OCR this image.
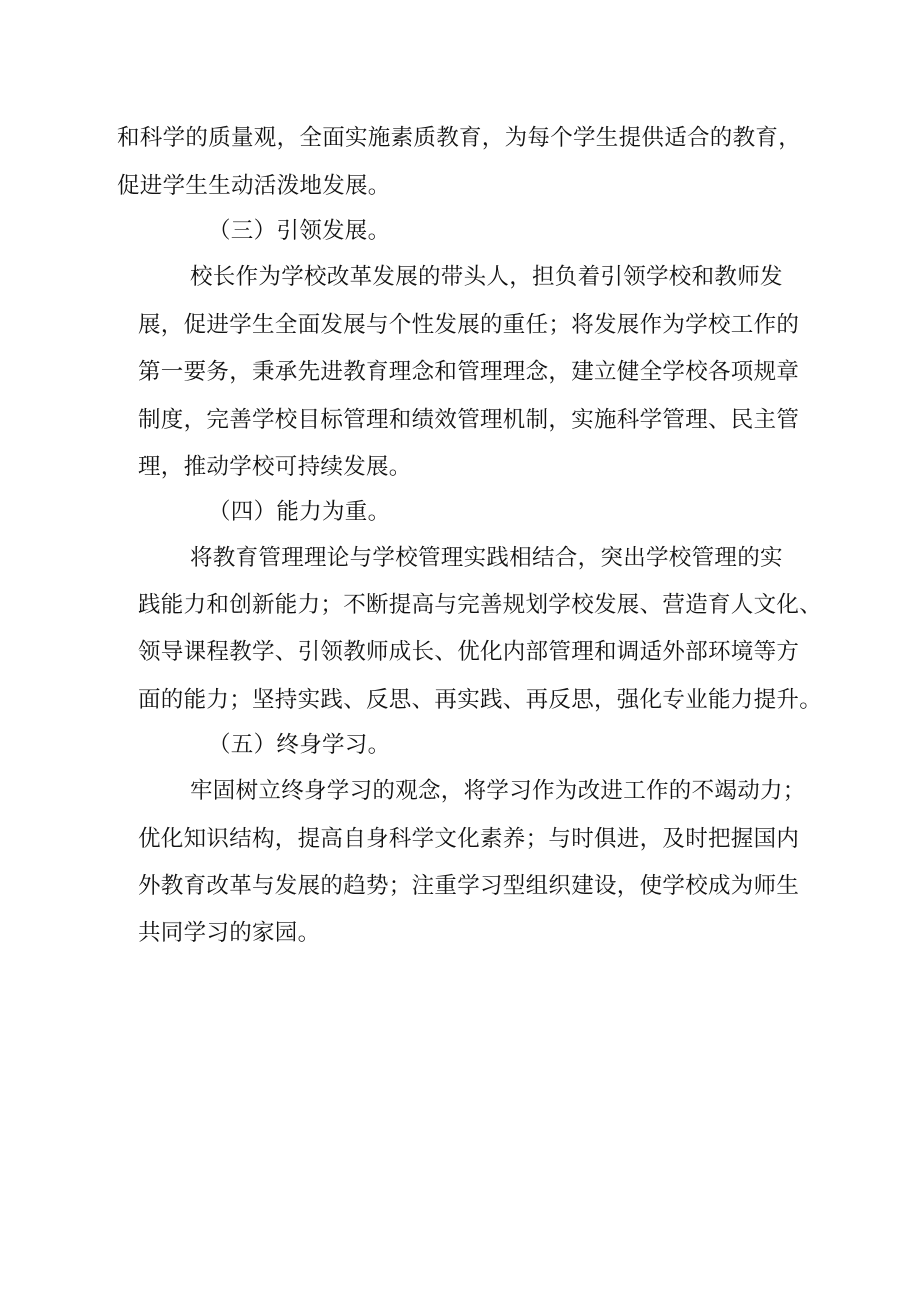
和科学的质量观，全面实施素质教育，为每个学生提供适合的教育，
促进学生生动活泼地发展。
（三）引领发展。
校长作为学校改革发展的带头人，担负着引领学校和教师发
展，促进学生全面发展与个性发展的重任；将发展作为学校工作的
第一要务，秉承先进教育理念和管理理念，建立健全学校各项规章
制度，完善学校目标管理和绩效管理机制，实施科学管理、民主管
理，推动学校可持续发展。
（四）能力为重。
将教育管理理论与学校管理实践相结合，突出学校管理的实
践能力和创新能力；不断提高与完善规划学校发展、营造育人文化、
领导课程教学、引领教师成长、优化内部管理和调适外部环境等方
面的能力；坚持实践、反思、再实践、再反思，强化专业能力提升。
（五）终身学习。
牢固树立终身学习的观念，将学习作为改进工作的不竭动力；
优化知识结构，提高自身科学文化素养；与时俱进，及时把握国内
外教育改革与发展的趋势；注重学习型组织建设，使学校成为师生
共同学习的家园。
